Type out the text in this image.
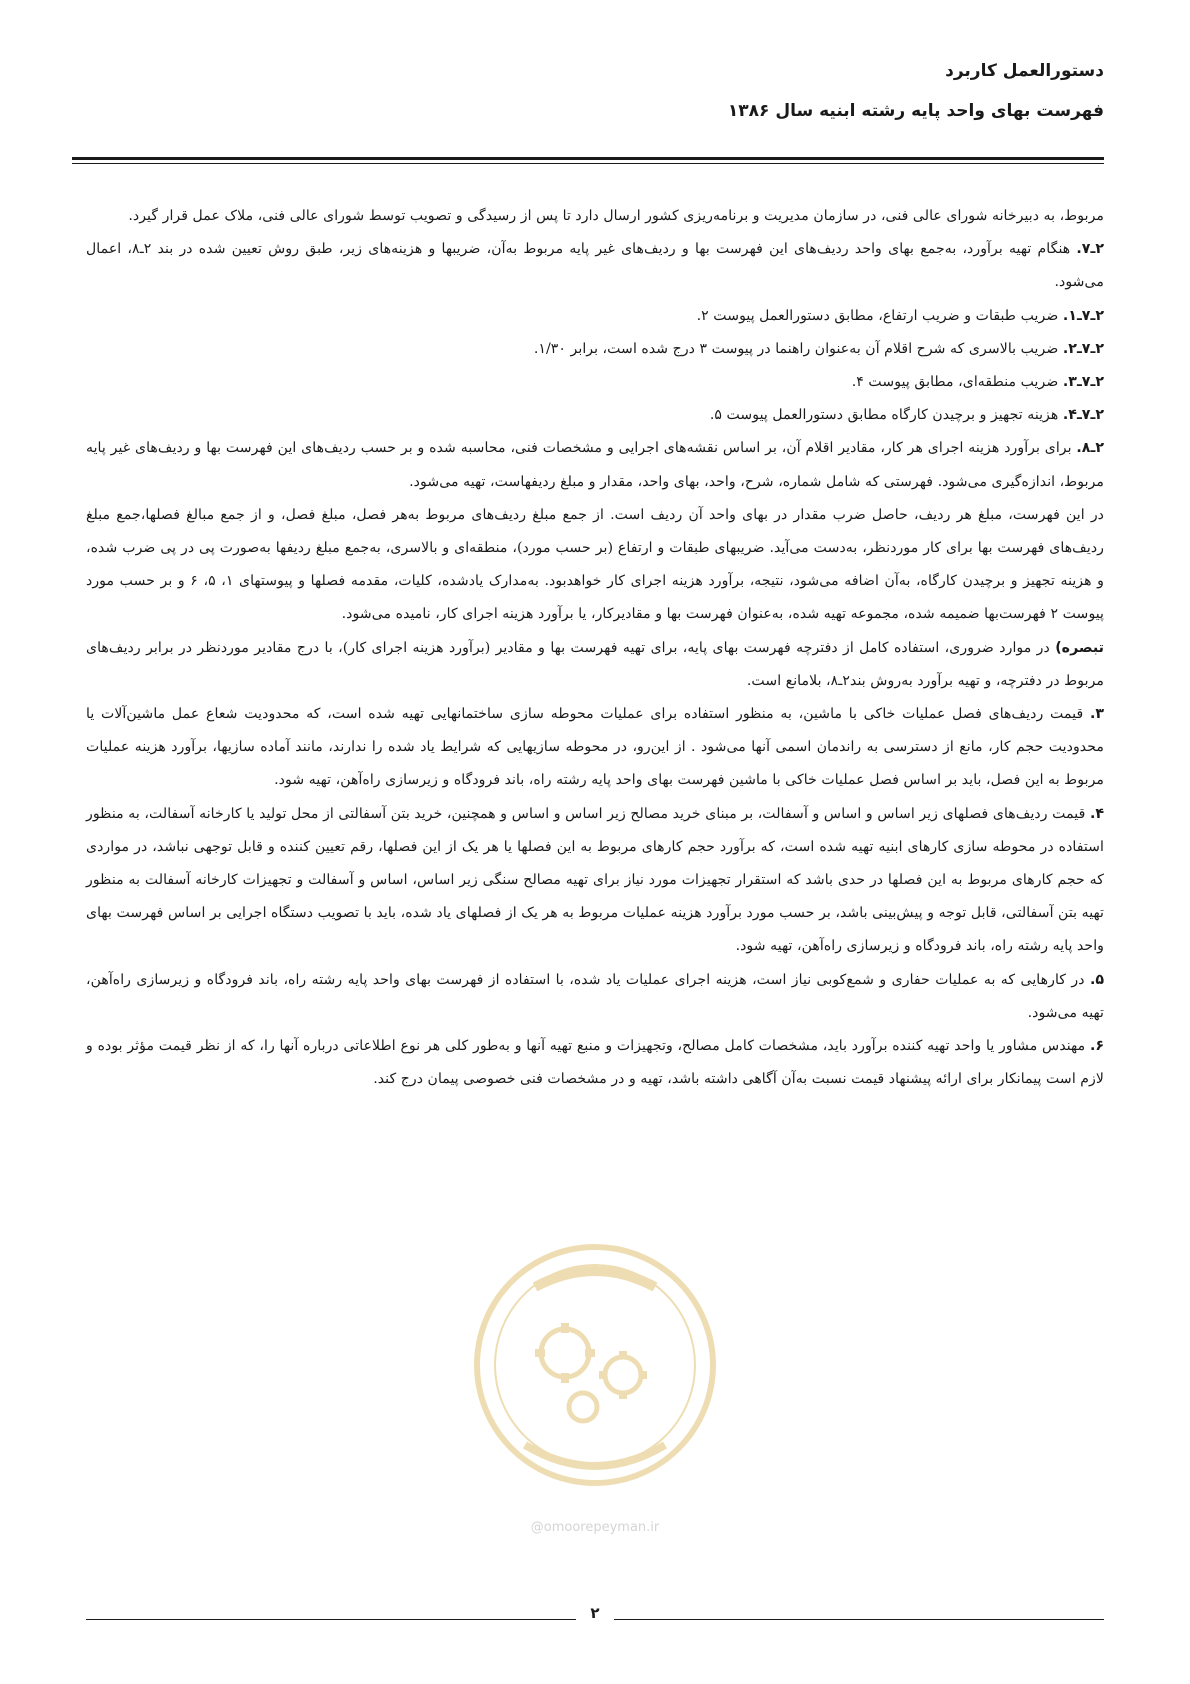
دستورالعمل کاربرد
فهرست بهای واحد پایه رشته ابنیه سال ۱۳۸۶

مربوط، به دبیرخانه شورای عالی فنی، در سازمان مدیریت و برنامه‌ریزی کشور ارسال دارد تا پس از رسیدگی و تصویب توسط شورای عالی فنی، ملاک عمل قرار گیرد.

۲ـ۷. هنگام تهیه برآورد، به‌جمع بهای واحد ردیف‌های این فهرست بها و ردیف‌های غیر پایه مربوط به‌آن، ضریبها و هزینه‌های زیر، طبق روش تعیین شده در بند ۲ـ۸، اعمال می‌شود.

۲ـ۷ـ۱. ضریب طبقات و ضریب ارتفاع، مطابق دستورالعمل پیوست ۲.

۲ـ۷ـ۲. ضریب بالاسری که شرح اقلام آن به‌عنوان راهنما در پیوست ۳ درج شده است، برابر ۱/۳۰.

۲ـ۷ـ۳. ضریب منطقه‌ای، مطابق پیوست ۴.

۲ـ۷ـ۴. هزینه تجهیز و برچیدن کارگاه مطابق دستورالعمل پیوست ۵.

۲ـ۸. برای برآورد هزینه اجرای هر کار، مقادیر اقلام آن، بر اساس نقشه‌های اجرایی و مشخصات فنی، محاسبه شده و بر حسب ردیف‌های این فهرست بها و ردیف‌های غیر پایه مربوط، اندازه‌گیری می‌شود. فهرستی که شامل شماره، شرح، واحد، بهای واحد، مقدار و مبلغ ردیفهاست، تهیه می‌شود.

در این فهرست، مبلغ هر ردیف، حاصل ضرب مقدار در بهای واحد آن ردیف است. از جمع مبلغ ردیف‌های مربوط به‌هر فصل، مبلغ فصل، و از جمع مبالغ فصلها،جمع مبلغ ردیف‌های فهرست بها برای کار موردنظر، به‌دست می‌آید. ضریبهای طبقات و ارتفاع (بر حسب مورد)، منطقه‌ای و بالاسری، به‌جمع مبلغ ردیفها به‌صورت پی در پی ضرب شده، و هزینه تجهیز و برچیدن کارگاه، به‌آن اضافه می‌شود، نتیجه، برآورد هزینه اجرای کار خواهدبود. به‌مدارک یادشده، کلیات، مقدمه فصلها و پیوستهای ۱، ۵، ۶ و بر حسب مورد پیوست ۲ فهرست‌بها ضمیمه شده، مجموعه تهیه شده، به‌عنوان فهرست بها و مقادیرکار، یا برآورد هزینه اجرای کار، نامیده می‌شود.

تبصره) در موارد ضروری، استفاده کامل از دفترچه فهرست بهای پایه، برای تهیه فهرست بها و مقادیر (برآورد هزینه اجرای کار)، با درج مقادیر موردنظر در برابر ردیف‌های مربوط در دفترچه، و تهیه برآورد به‌روش بند۲ـ۸، بلامانع است.

۳. قیمت ردیف‌های فصل عملیات خاکی با ماشین، به منظور استفاده برای عملیات محوطه سازی ساختمانهایی تهیه شده است، که محدودیت شعاع عمل ماشین‌آلات یا محدودیت حجم کار، مانع از دسترسی به راندمان اسمی آنها می‌شود . از این‌رو، در محوطه سازیهایی که شرایط یاد شده را ندارند، مانند آماده سازیها، برآورد هزینه عملیات مربوط به این فصل، باید بر اساس فصل عملیات خاکی با ماشین فهرست بهای واحد پایه رشته راه، باند فرودگاه و زیرسازی راه‌آهن، تهیه شود.

۴. قیمت ردیف‌های فصلهای زیر اساس و اساس و آسفالت، بر مبنای خرید مصالح زیر اساس و اساس و همچنین، خرید بتن آسفالتی از محل تولید یا کارخانه آسفالت، به منظور استفاده در محوطه سازی کارهای ابنیه تهیه شده است، که برآورد حجم کارهای مربوط به این فصلها یا هر یک از این فصلها، رقم تعیین کننده و قابل توجهی نباشد، در مواردی که حجم کارهای مربوط به این فصلها در حدی باشد که استقرار تجهیزات مورد نیاز برای تهیه مصالح سنگی زیر اساس، اساس و آسفالت و تجهیزات کارخانه آسفالت به منظور تهیه بتن آسفالتی، قابل توجه و پیش‌بینی باشد، بر حسب مورد برآورد هزینه عملیات مربوط به هر یک از فصلهای یاد شده، باید با تصویب دستگاه اجرایی بر اساس فهرست بهای واحد پایه رشته راه، باند فرودگاه و زیرسازی راه‌آهن، تهیه شود.

۵. در کارهایی که به عملیات حفاری و شمع‌کوبی نیاز است، هزینه اجرای عملیات یاد شده، با استفاده از فهرست بهای واحد پایه رشته راه، باند فرودگاه و زیرسازی راه‌آهن، تهیه می‌شود.

۶. مهندس مشاور یا واحد تهیه کننده برآورد باید، مشخصات کامل مصالح، وتجهیزات و منبع تهیه آنها و به‌طور کلی هر نوع اطلاعاتی درباره آنها را، که از نظر قیمت مؤثر بوده و لازم است پیمانکار برای ارائه پیشنهاد قیمت نسبت به‌آن آگاهی داشته باشد، تهیه و در مشخصات فنی خصوصی پیمان درج کند.

@omoorepeyman.ir
۲
